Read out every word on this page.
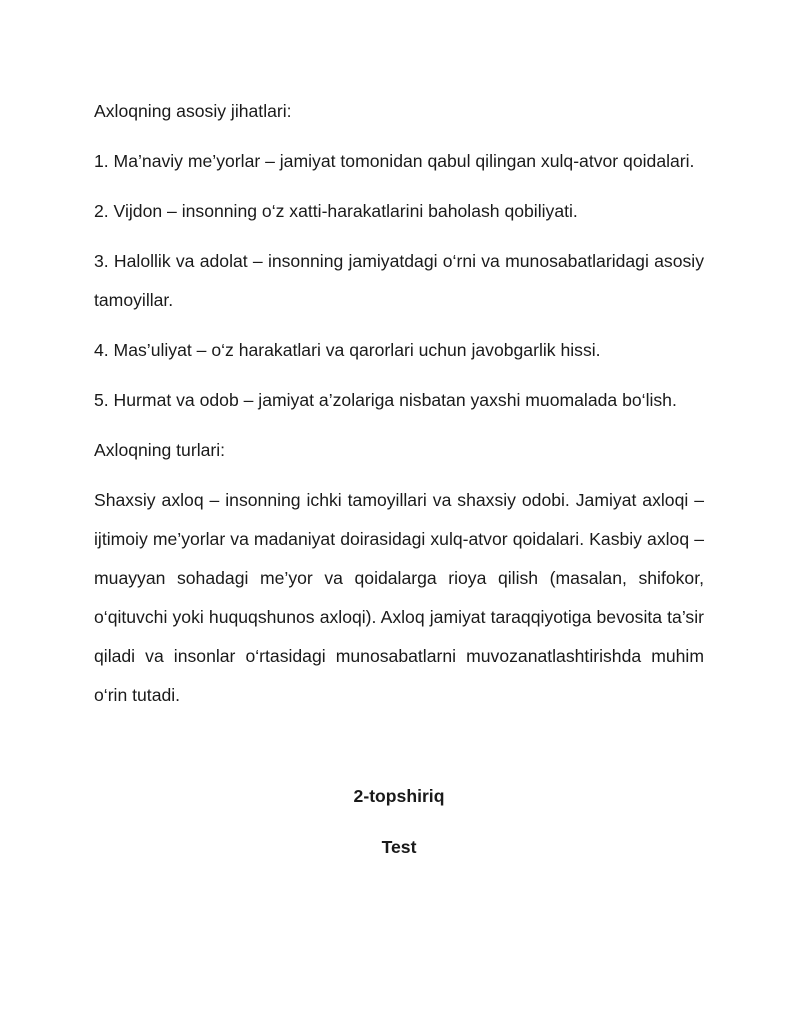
Axloqning asosiy jihatlari:

1. Ma’naviy me’yorlar – jamiyat tomonidan qabul qilingan xulq-atvor qoidalari.

2. Vijdon – insonning o‘z xatti-harakatlarini baholash qobiliyati.

3. Halollik va adolat – insonning jamiyatdagi o‘rni va munosabatlaridagi asosiy tamoyillar.

4. Mas’uliyat – o‘z harakatlari va qarorlari uchun javobgarlik hissi.

5. Hurmat va odob – jamiyat a’zolariga nisbatan yaxshi muomalada bo‘lish.

Axloqning turlari:

Shaxsiy axloq – insonning ichki tamoyillari va shaxsiy odobi. Jamiyat axloqi – ijtimoiy me’yorlar va madaniyat doirasidagi xulq-atvor qoidalari. Kasbiy axloq – muayyan sohadagi me’yor va qoidalarga rioya qilish (masalan, shifokor, o‘qituvchi yoki huquqshunos axloqi). Axloq jamiyat taraqqiyotiga bevosita ta’sir qiladi va insonlar o‘rtasidagi munosabatlarni muvozanatlashtirishda muhim o‘rin tutadi.

2-topshiriq

Test
